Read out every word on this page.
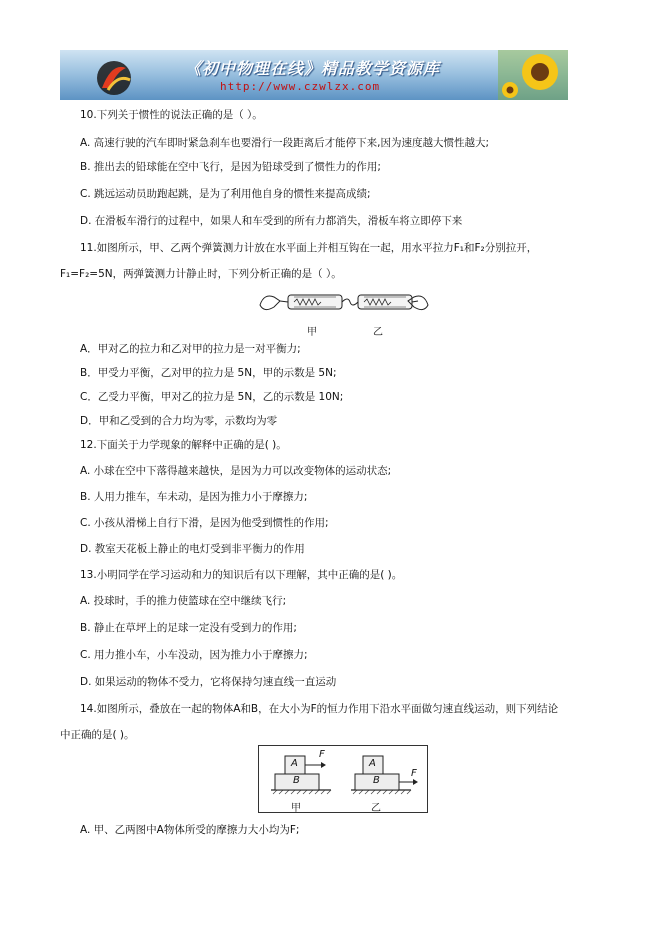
《初中物理在线》精品教学资源库
http://www.czwlzx.com
10.下列关于惯性的说法正确的是（ ）。
A. 高速行驶的汽车即时紧急刹车也要滑行一段距离后才能停下来,因为速度越大惯性越大;
B. 推出去的铅球能在空中飞行，是因为铅球受到了惯性力的作用;
C. 跳远运动员助跑起跳，是为了利用他自身的惯性来提高成绩;
D. 在滑板车滑行的过程中，如果人和车受到的所有力都消失，滑板车将立即停下来
11.如图所示，甲、乙两个弹簧测力计放在水平面上并相互钩在一起，用水平拉力F₁和F₂分别拉开，
F₁=F₂=5N，两弹簧测力计静止时，下列分析正确的是（ ）。
甲	乙
A．甲对乙的拉力和乙对甲的拉力是一对平衡力;
B．甲受力平衡，乙对甲的拉力是 5N，甲的示数是 5N;
C．乙受力平衡，甲对乙的拉力是 5N，乙的示数是 10N;
D．甲和乙受到的合力均为零，示数均为零
12.下面关于力学现象的解释中正确的是( )。
A. 小球在空中下落得越来越快，是因为力可以改变物体的运动状态;
B. 人用力推车，车未动，是因为推力小于摩擦力;
C. 小孩从滑梯上自行下滑，是因为他受到惯性的作用;
D. 教室天花板上静止的电灯受到非平衡力的作用
13.小明同学在学习运动和力的知识后有以下理解，其中正确的是( )。
A. 投球时，手的推力使篮球在空中继续飞行;
B. 静止在草坪上的足球一定没有受到力的作用;
C. 用力推小车，小车没动，因为推力小于摩擦力;
D. 如果运动的物体不受力，它将保持匀速直线一直运动
14.如图所示，叠放在一起的物体A和B，在大小为F的恒力作用下沿水平面做匀速直线运动，则下列结论
中正确的是( )。
A
B
F
A
B
F
甲	乙
A. 甲、乙两图中A物体所受的摩擦力大小均为F;
